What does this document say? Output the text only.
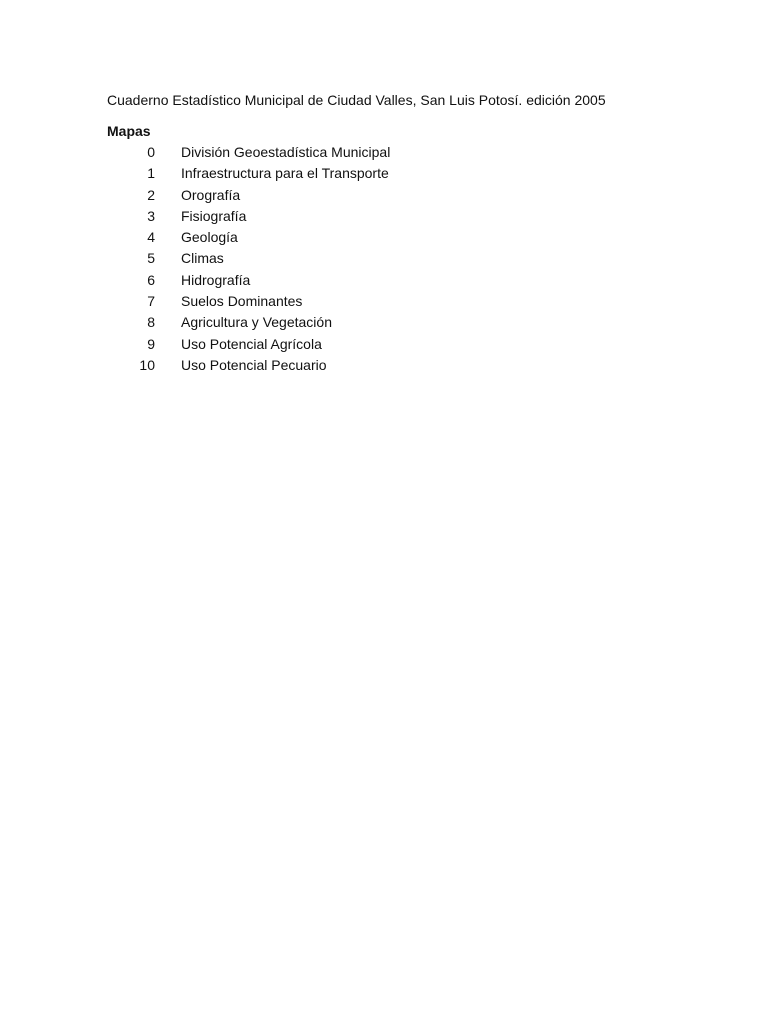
Cuaderno Estadístico Municipal de Ciudad Valles, San Luis Potosí. edición 2005
Mapas
0 División Geoestadística Municipal
1 Infraestructura para el Transporte
2 Orografía
3 Fisiografía
4 Geología
5 Climas
6 Hidrografía
7 Suelos Dominantes
8 Agricultura y Vegetación
9 Uso Potencial Agrícola
10 Uso Potencial Pecuario
